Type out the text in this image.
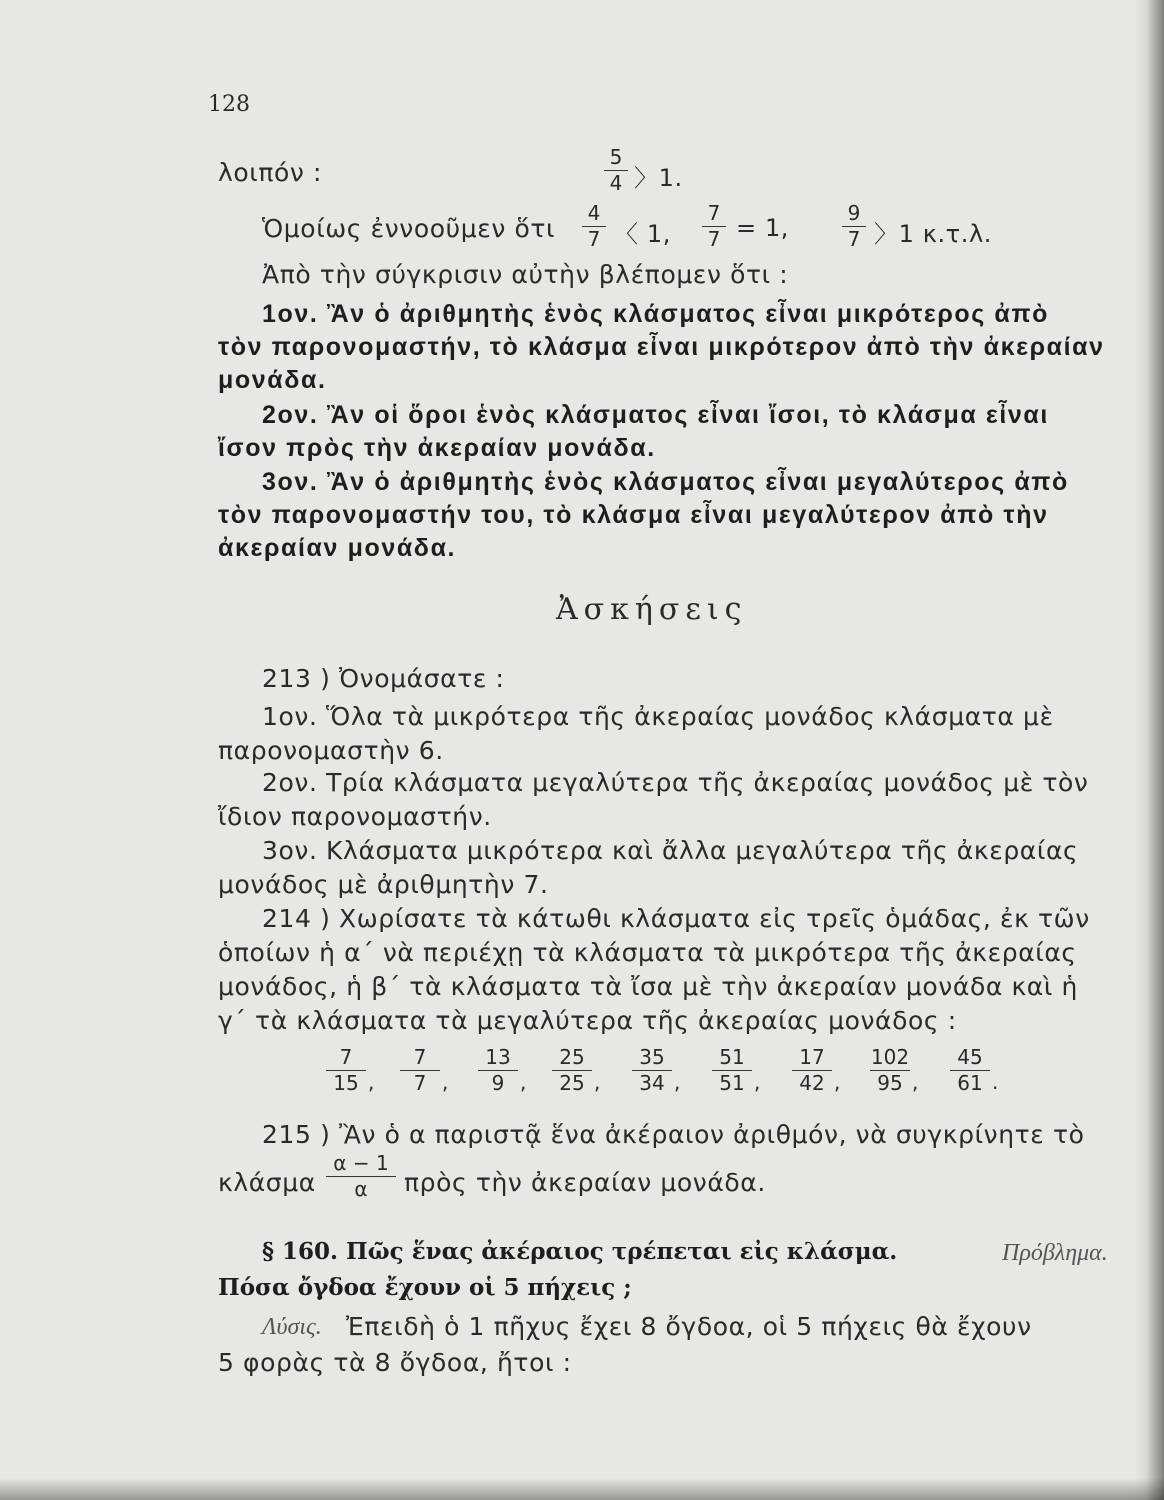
128
λοιπόν :	$\frac{5}{4}$ 〉1.
Ὁμοίως ἐννοοῦμεν ὅτι $\frac{4}{7}$ 〈 1, $\frac{7}{7} = 1$,	$\frac{9}{7}$ 〉1 κ.τ.λ.
Ἀπὸ τὴν σύγκρισιν αὐτὴν βλέπομεν ὅτι :
1ον. Ἂν ὁ ἀριθμητὴς ἑνὸς κλάσματος εἶναι μικρότερος ἀπὸ
τὸν παρονομαστήν, τὸ κλάσμα εἶναι μικρότερον ἀπὸ τὴν ἀκεραίαν
μονάδα.
2ον. Ἂν οἱ ὅροι ἑνὸς κλάσματος εἶναι ἴσοι, τὸ κλάσμα εἶναι
ἴσον πρὸς τὴν ἀκεραίαν μονάδα.
3ον. Ἂν ὁ ἀριθμητὴς ἑνὸς κλάσματος εἶναι μεγαλύτερος ἀπὸ
τὸν παρονομαστήν του, τὸ κλάσμα εἶναι μεγαλύτερον ἀπὸ τὴν
ἀκεραίαν μονάδα.
Ἀσκήσεις
213 ) Ὀνομάσατε :
1ον. Ὅλα τὰ μικρότερα τῆς ἀκεραίας μονάδος κλάσματα μὲ
παρονομαστὴν 6.
2ον. Τρία κλάσματα μεγαλύτερα τῆς ἀκεραίας μονάδος μὲ τὸν
ἴδιον παρονομαστήν.
3ον. Κλάσματα μικρότερα καὶ ἄλλα μεγαλύτερα τῆς ἀκεραίας
μονάδος μὲ ἀριθμητὴν 7.
214 ) Χωρίσατε τὰ κάτωθι κλάσματα εἰς τρεῖς ὁμάδας, ἐκ τῶν
ὁποίων ἡ α΄ νὰ περιέχῃ τὰ κλάσματα τὰ μικρότερα τῆς ἀκεραίας
μονάδος, ἡ β΄ τὰ κλάσματα τὰ ἴσα μὲ τὴν ἀκεραίαν μονάδα καὶ ἡ
γ΄ τὰ κλάσματα τὰ μεγαλύτερα τῆς ἀκεραίας μονάδος :
$\frac{7}{15}$ , $\frac{7}{7}$ , $\frac{13}{9}$ , $\frac{25}{25}$ , $\frac{35}{34}$ , $\frac{51}{51}$ , $\frac{17}{42}$ , $\frac{102}{95}$ , $\frac{45}{61}$ .
215 ) Ἂν ὁ α παριστᾷ ἕνα ἀκέραιον ἀριθμόν, νὰ συγκρίνητε τὸ
κλάσμα $\frac{\alpha - 1}{\alpha}$ πρὸς τὴν ἀκεραίαν μονάδα.
§ 160. Πῶς ἕνας ἀκέραιος τρέπεται εἰς κλάσμα.	Πρόβλημα.
Πόσα ὄγδοα ἔχουν οἱ 5 πήχεις ;
Λύσις. Ἐπειδὴ ὁ 1 πῆχυς ἔχει 8 ὄγδοα, οἱ 5 πήχεις θὰ ἔχουν
5 φορὰς τὰ 8 ὄγδοα, ἤτοι :
